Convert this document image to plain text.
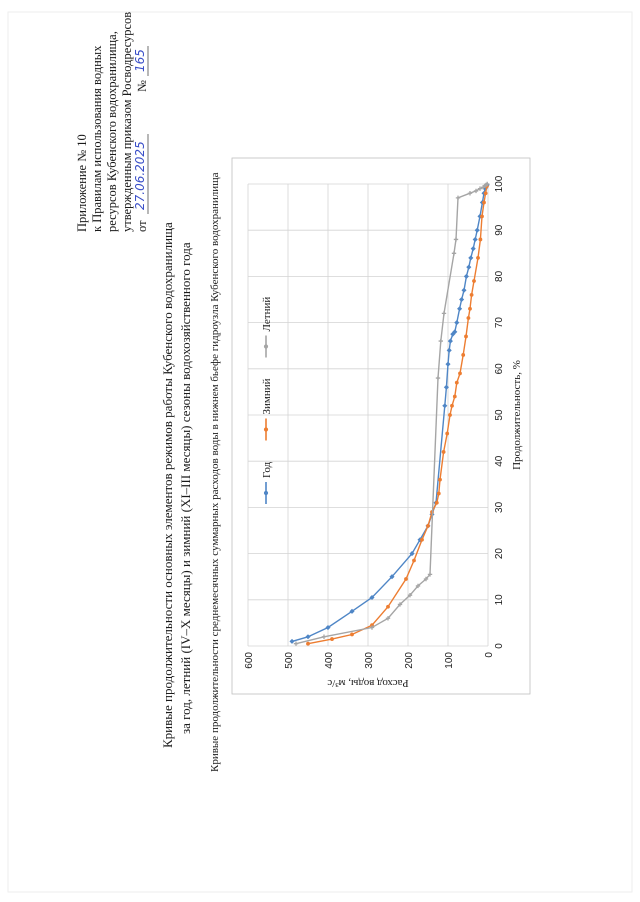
Приложение № 10 к Правилам использования водных ресурсов Кубенского водохранилища, утвержденным приказом Росводресурсов от
27.06.2025
№
165
Кривые продолжительности основных элементов режимов работы Кубенского водохранилища за год, летний (IV–X месяцы) и зимний (XI–III месяцы) сезоны водохозяйственного года Кривые продолжительности среднемесячных суммарных расходов воды в нижнем бьефе гидроузла Кубенского водохранилища	0
100
200
300
400
500
600
0
10
20
30
40
50
60
70
80
90
100
Год
Зимний
Летний
Расход воды, м³/с
Продолжительность, %
